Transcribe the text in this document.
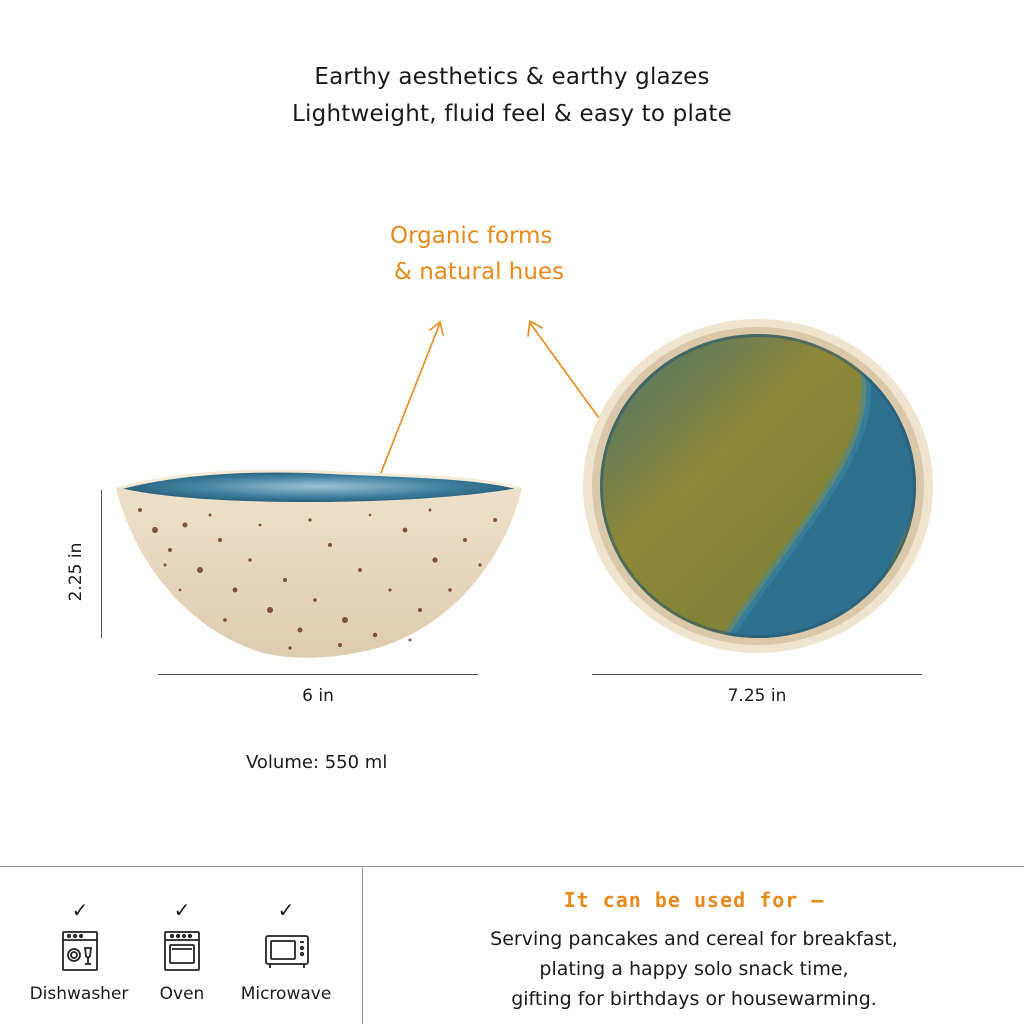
Earthy aesthetics & earthy glazes
Lightweight, fluid feel & easy to plate
Organic forms
& natural hues
2.25 in
6 in	7.25 in
Volume: 550 ml
✓	✓	✓
Dishwasher	Oven	Microwave
It can be used for —
Serving pancakes and cereal for breakfast,
plating a happy solo snack time,
gifting for birthdays or housewarming.
